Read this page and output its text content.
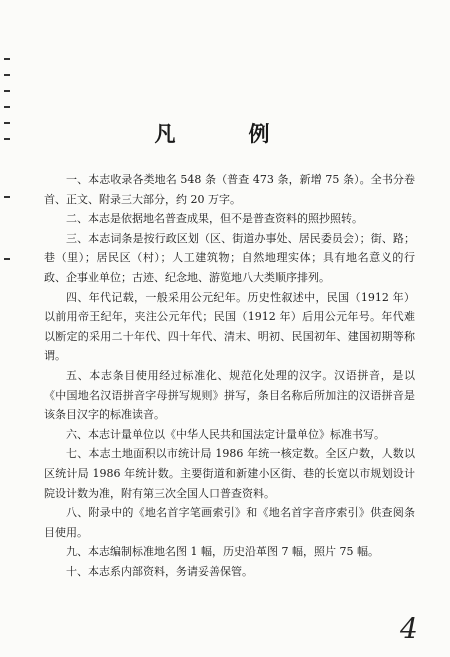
凡　例

一、本志收录各类地名 548 条（普查 473 条，新增 75 条）。全书分卷首、正文、附录三大部分，约 20 万字。

二、本志是依据地名普查成果，但不是普查资料的照抄照转。

三、本志词条是按行政区划（区、街道办事处、居民委员会）；街、路；巷（里）；居民区（村）；人工建筑物；自然地理实体；具有地名意义的行政、企事业单位；古迹、纪念地、游览地八大类顺序排列。

四、年代记载，一般采用公元纪年。历史性叙述中，民国（1912 年）以前用帝王纪年，夹注公元年代；民国（1912 年）后用公元年号。年代难以断定的采用二十年代、四十年代、清末、明初、民国初年、建国初期等称谓。

五、本志条目使用经过标准化、规范化处理的汉字。汉语拼音，是以《中国地名汉语拼音字母拼写规则》拼写，条目名称后所加注的汉语拼音是该条目汉字的标准读音。

六、本志计量单位以《中华人民共和国法定计量单位》标准书写。

七、本志土地面积以市统计局 1986 年统一核定数。全区户数，人数以区统计局 1986 年统计数。主要街道和新建小区街、巷的长宽以市规划设计院设计数为准，附有第三次全国人口普查资料。

八、附录中的《地名首字笔画索引》和《地名首字音序索引》供查阅条目使用。

九、本志编制标准地名图 1 幅，历史沿革图 7 幅，照片 75 幅。

十、本志系内部资料，务请妥善保管。

4
